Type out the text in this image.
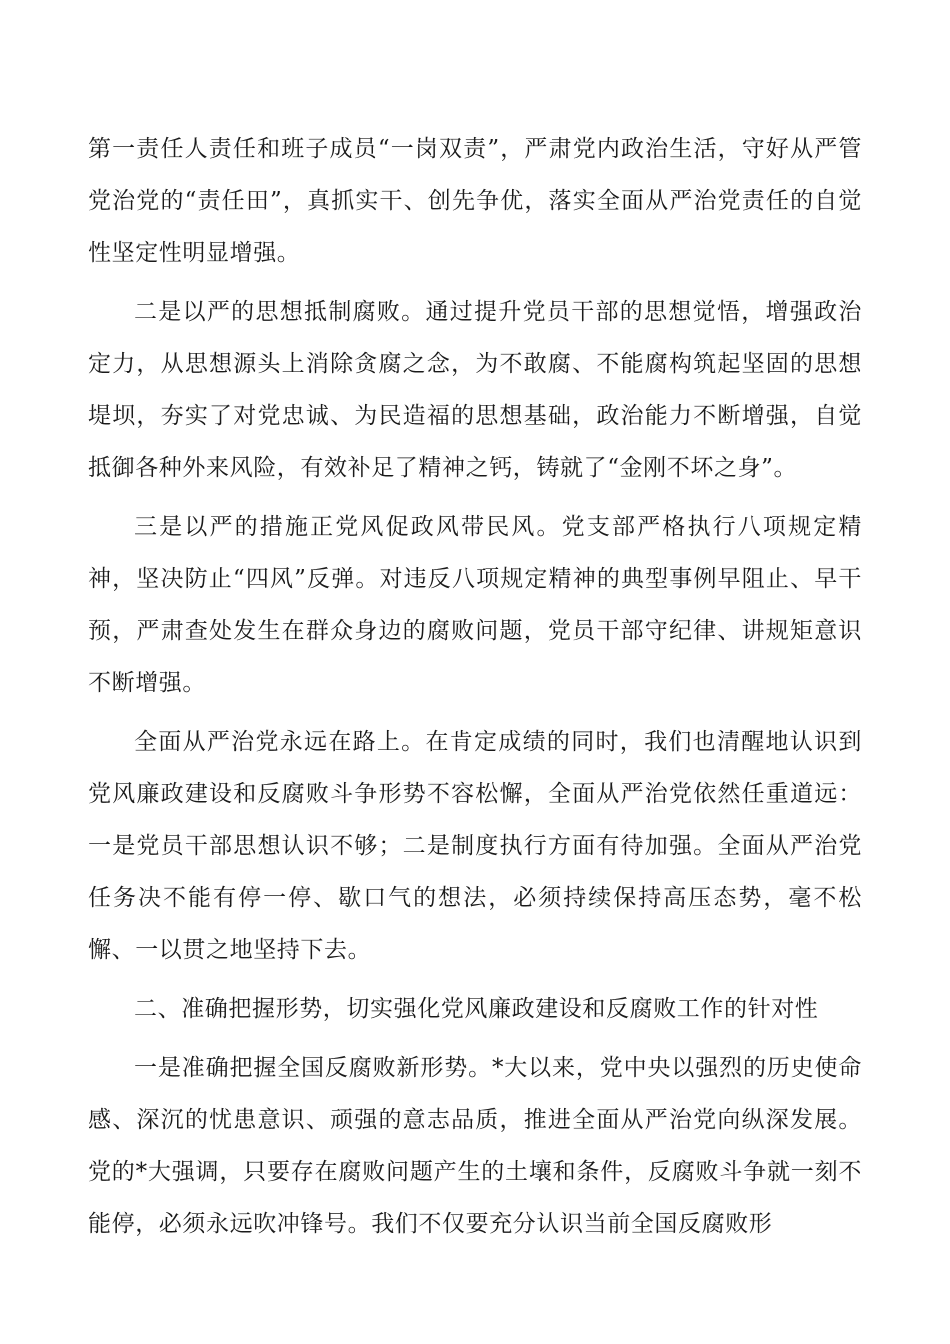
第一责任人责任和班子成员“一岗双责”，严肃党内政治生活，守好从严管党治党的“责任田”，真抓实干、创先争优，落实全面从严治党责任的自觉性坚定性明显增强。

二是以严的思想抵制腐败。通过提升党员干部的思想觉悟，增强政治定力，从思想源头上消除贪腐之念，为不敢腐、不能腐构筑起坚固的思想堤坝，夯实了对党忠诚、为民造福的思想基础，政治能力不断增强，自觉抵御各种外来风险，有效补足了精神之钙，铸就了“金刚不坏之身”。

三是以严的措施正党风促政风带民风。党支部严格执行八项规定精神，坚决防止“四风”反弹。对违反八项规定精神的典型事例早阻止、早干预，严肃查处发生在群众身边的腐败问题，党员干部守纪律、讲规矩意识不断增强。

全面从严治党永远在路上。在肯定成绩的同时，我们也清醒地认识到党风廉政建设和反腐败斗争形势不容松懈，全面从严治党依然任重道远：一是党员干部思想认识不够；二是制度执行方面有待加强。全面从严治党任务决不能有停一停、歇口气的想法，必须持续保持高压态势，毫不松懈、一以贯之地坚持下去。

二、准确把握形势，切实强化党风廉政建设和反腐败工作的针对性

一是准确把握全国反腐败新形势。*大以来，党中央以强烈的历史使命感、深沉的忧患意识、顽强的意志品质，推进全面从严治党向纵深发展。党的*大强调，只要存在腐败问题产生的土壤和条件，反腐败斗争就一刻不能停，必须永远吹冲锋号。我们不仅要充分认识当前全国反腐败形
